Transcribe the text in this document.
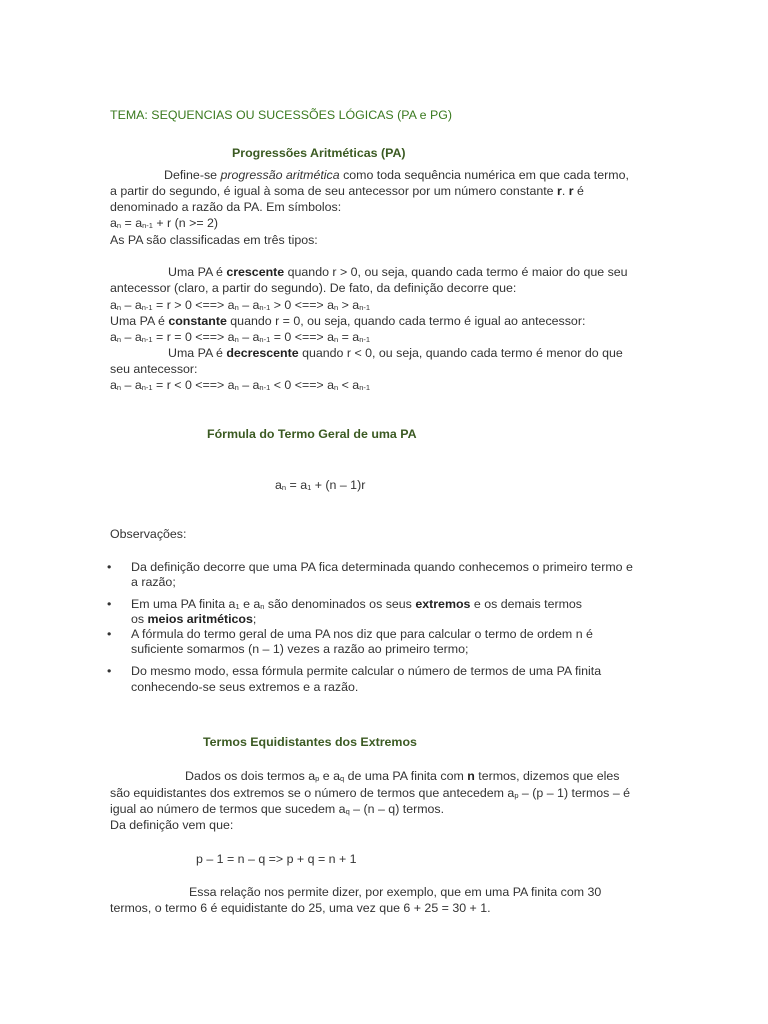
TEMA: SEQUENCIAS OU SUCESSÕES LÓGICAS (PA e PG)
Progressões Aritméticas (PA)
Define-se progressão aritmética como toda sequência numérica em que cada termo,
a partir do segundo, é igual à soma de seu antecessor por um número constante r. r é
denominado a razão da PA. Em símbolos:
an = an-1 + r (n >= 2)
As PA são classificadas em três tipos:
Uma PA é crescente quando r > 0, ou seja, quando cada termo é maior do que seu
antecessor (claro, a partir do segundo). De fato, da definição decorre que:
an – an-1 = r > 0 <==> an – an-1 > 0 <==> an > an-1
Uma PA é constante quando r = 0, ou seja, quando cada termo é igual ao antecessor:
an – an-1 = r = 0 <==> an – an-1 = 0 <==> an = an-1
Uma PA é decrescente quando r < 0, ou seja, quando cada termo é menor do que
seu antecessor:
an – an-1 = r < 0 <==> an – an-1 < 0 <==> an < an-1
Fórmula do Termo Geral de uma PA
an = a1 + (n – 1)r
Observações:
• Da definição decorre que uma PA fica determinada quando conhecemos o primeiro termo e
a razão;
• Em uma PA finita a1 e an são denominados os seus extremos e os demais termos
os meios aritméticos;
• A fórmula do termo geral de uma PA nos diz que para calcular o termo de ordem n é
suficiente somarmos (n – 1) vezes a razão ao primeiro termo;
• Do mesmo modo, essa fórmula permite calcular o número de termos de uma PA finita
conhecendo-se seus extremos e a razão.
Termos Equidistantes dos Extremos
Dados os dois termos ap e aq de uma PA finita com n termos, dizemos que eles
são equidistantes dos extremos se o número de termos que antecedem ap – (p – 1) termos – é
igual ao número de termos que sucedem aq – (n – q) termos.
Da definição vem que:
p – 1 = n – q => p + q = n + 1
Essa relação nos permite dizer, por exemplo, que em uma PA finita com 30
termos, o termo 6 é equidistante do 25, uma vez que 6 + 25 = 30 + 1.
